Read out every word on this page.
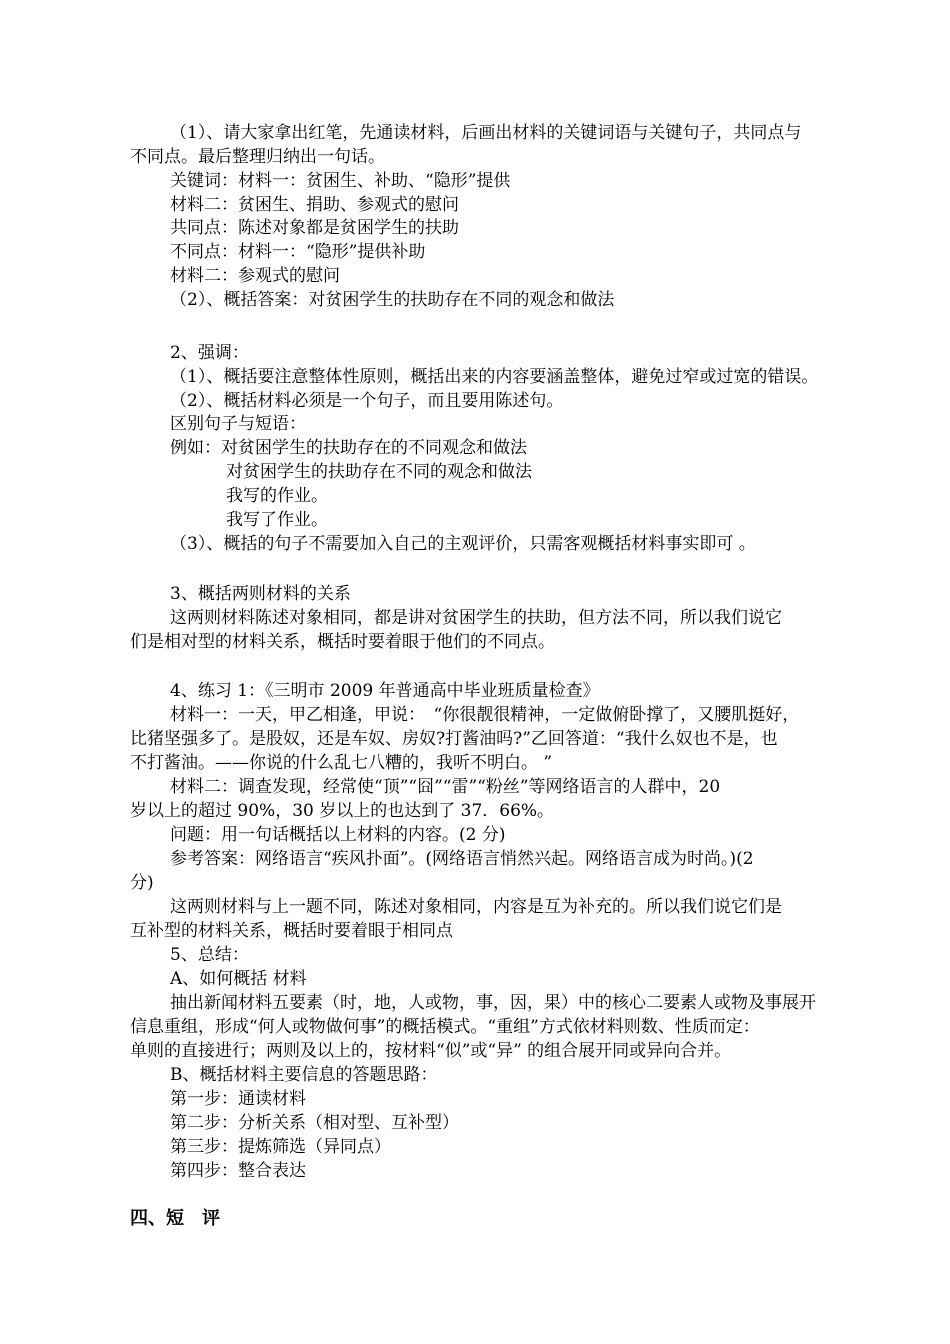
（1）、请大家拿出红笔，先通读材料，后画出材料的关键词语与关键句子，共同点与
不同点。最后整理归纳出一句话。
关键词：材料一：贫困生、补助、“隐形”提供
材料二：贫困生、捐助、参观式的慰问
共同点：陈述对象都是贫困学生的扶助
不同点：材料一：“隐形”提供补助
材料二：参观式的慰问
（2）、概括答案：对贫困学生的扶助存在不同的观念和做法
2、强调：
（1）、概括要注意整体性原则，概括出来的内容要涵盖整体，避免过窄或过宽的错误。
（2）、概括材料必须是一个句子，而且要用陈述句。
区别句子与短语：
例如：对贫困学生的扶助存在的不同观念和做法
对贫困学生的扶助存在不同的观念和做法
我写的作业。
我写了作业。
（3）、概括的句子不需要加入自己的主观评价，只需客观概括材料事实即可 。
3、概括两则材料的关系
这两则材料陈述对象相同，都是讲对贫困学生的扶助，但方法不同，所以我们说它
们是相对型的材料关系，概括时要着眼于他们的不同点。
4、练习 1：《三明市 2009 年普通高中毕业班质量检查》
材料一：一天，甲乙相逢，甲说：　“你很靓很精神，一定做俯卧撑了，又腰肌挺好，
比猪坚强多了。是股奴，还是车奴、房奴?打酱油吗?”乙回答道：“我什么奴也不是，也
不打酱油。——你说的什么乱七八糟的，我听不明白。 ”
材料二：调查发现，经常使“顶”“囧”“雷”“粉丝”等网络语言的人群中，20
岁以上的超过 90%，30 岁以上的也达到了 37．66%。
问题：用一句话概括以上材料的内容。(2 分)
参考答案：网络语言“疾风扑面”。(网络语言悄然兴起。网络语言成为时尚。)(2
分)
这两则材料与上一题不同，陈述对象相同，内容是互为补充的。所以我们说它们是
互补型的材料关系，概括时要着眼于相同点
5、总结：
A、如何概括 材料
抽出新闻材料五要素（时，地，人或物，事，因，果）中的核心二要素人或物及事展开
信息重组，形成“何人或物做何事”的概括模式。“重组”方式依材料则数、性质而定：
单则的直接进行；两则及以上的，按材料“似”或“异” 的组合展开同或异向合并。
B、概括材料主要信息的答题思路：
第一步：通读材料
第二步：分析关系（相对型、互补型）
第三步：提炼筛选（异同点）
第四步：整合表达
四、短　评
